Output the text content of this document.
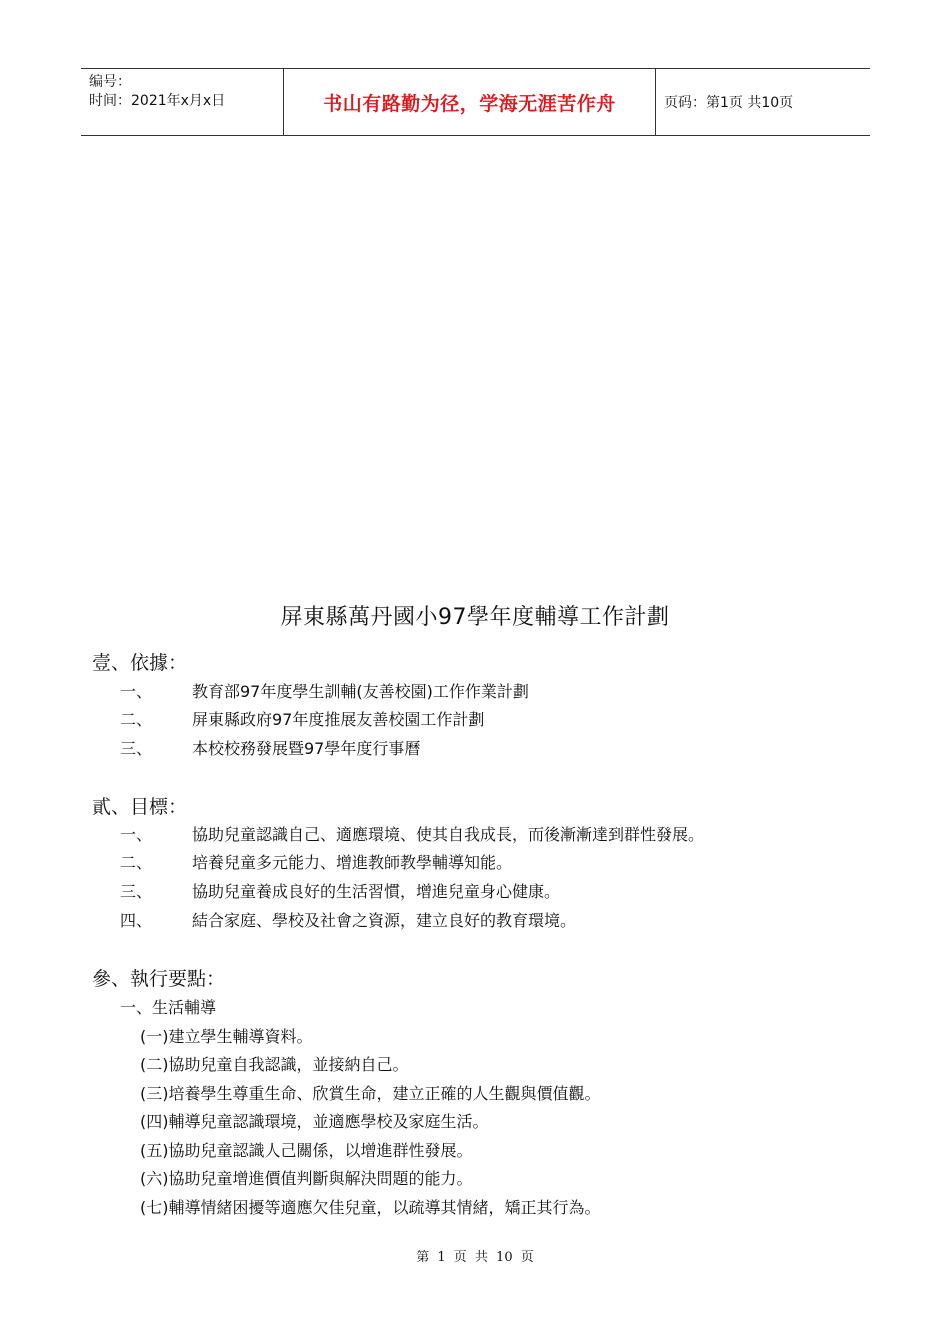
编号：
时间：2021年x月x日	书山有路勤为径，学海无涯苦作舟	页码：第1页 共10页
屏東縣萬丹國小97學年度輔導工作計劃
壹、依據：
一、 教育部97年度學生訓輔(友善校園)工作作業計劃
二、 屏東縣政府97年度推展友善校園工作計劃
三、 本校校務發展暨97學年度行事曆
貳、目標：
一、 協助兒童認識自己、適應環境、使其自我成長，而後漸漸達到群性發展。
二、 培養兒童多元能力、增進教師教學輔導知能。
三、 協助兒童養成良好的生活習慣，增進兒童身心健康。
四、 結合家庭、學校及社會之資源，建立良好的教育環境。
參、執行要點：
一、生活輔導
(一)建立學生輔導資料。
(二)協助兒童自我認識，並接納自己。
(三)培養學生尊重生命、欣賞生命，建立正確的人生觀與價值觀。
(四)輔導兒童認識環境，並適應學校及家庭生活。
(五)協助兒童認識人己關係，以增進群性發展。
(六)協助兒童增進價值判斷與解決問題的能力。
(七)輔導情緒困擾等適應欠佳兒童，以疏導其情緒，矯正其行為。
第 1 页 共 10 页
